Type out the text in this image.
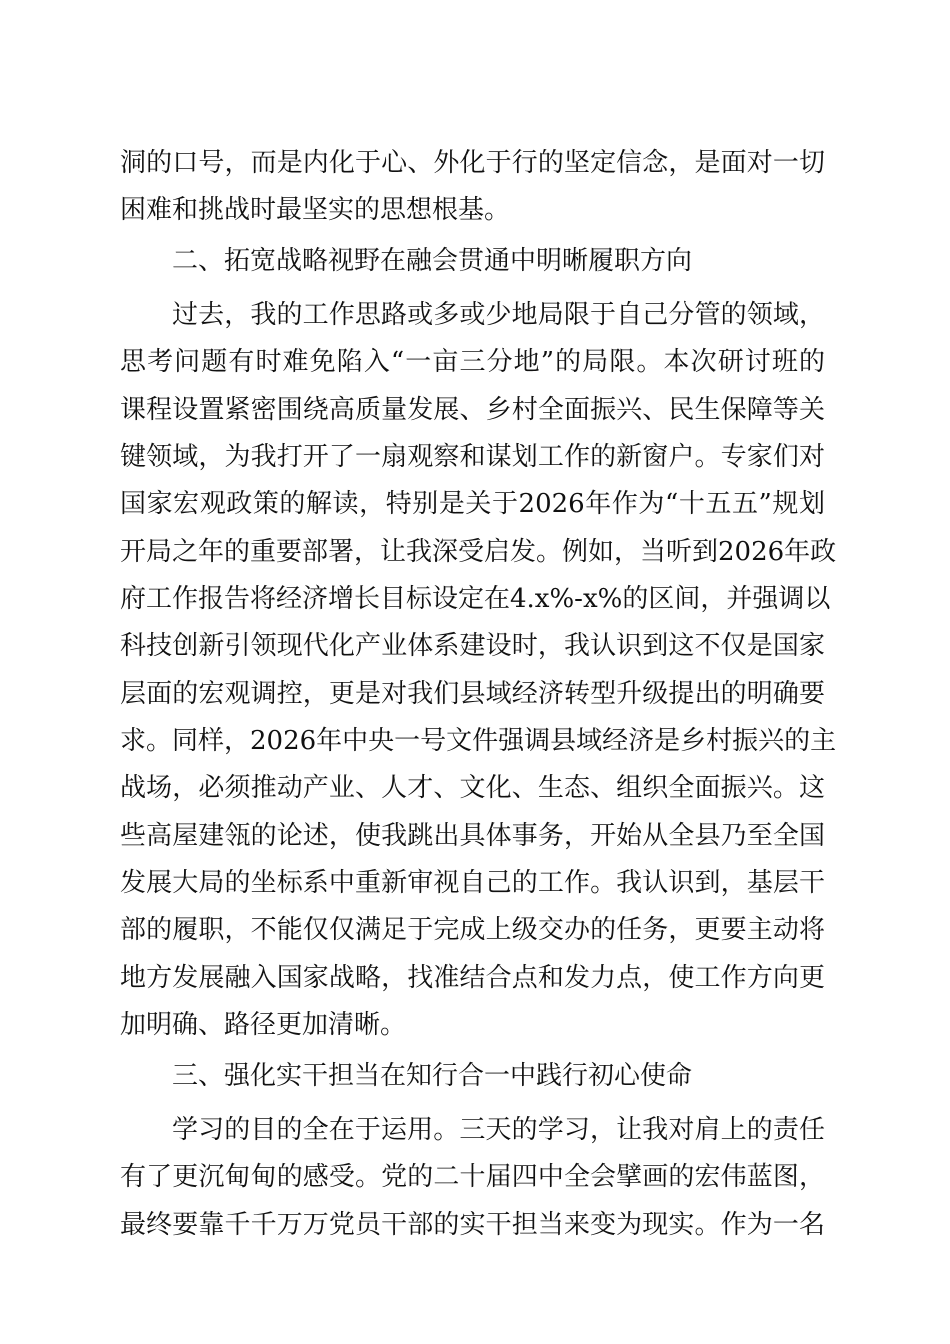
洞的口号，而是内化于心、外化于行的坚定信念，是面对一切
困难和挑战时最坚实的思想根基。
二、拓宽战略视野在融会贯通中明晰履职方向
过去，我的工作思路或多或少地局限于自己分管的领域，
思考问题有时难免陷入“一亩三分地”的局限。本次研讨班的
课程设置紧密围绕高质量发展、乡村全面振兴、民生保障等关
键领域，为我打开了一扇观察和谋划工作的新窗户。专家们对
国家宏观政策的解读，特别是关于2026年作为“十五五”规划
开局之年的重要部署，让我深受启发。例如，当听到2026年政
府工作报告将经济增长目标设定在4.x%-x%的区间，并强调以
科技创新引领现代化产业体系建设时，我认识到这不仅是国家
层面的宏观调控，更是对我们县域经济转型升级提出的明确要
求。同样，2026年中央一号文件强调县域经济是乡村振兴的主
战场，必须推动产业、人才、文化、生态、组织全面振兴。这
些高屋建瓴的论述，使我跳出具体事务，开始从全县乃至全国
发展大局的坐标系中重新审视自己的工作。我认识到，基层干
部的履职，不能仅仅满足于完成上级交办的任务，更要主动将
地方发展融入国家战略，找准结合点和发力点，使工作方向更
加明确、路径更加清晰。
三、强化实干担当在知行合一中践行初心使命
学习的目的全在于运用。三天的学习，让我对肩上的责任
有了更沉甸甸的感受。党的二十届四中全会擘画的宏伟蓝图，
最终要靠千千万万党员干部的实干担当来变为现实。作为一名
